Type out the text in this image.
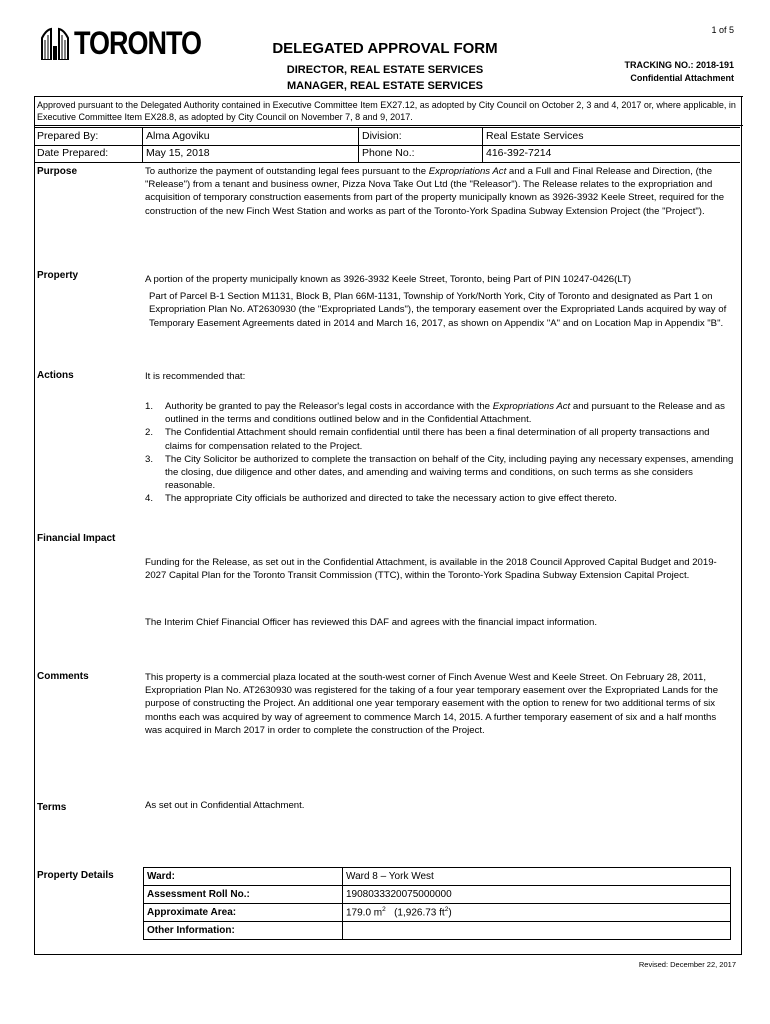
1 of 5
TORONTO	DELEGATED APPROVAL FORM
DIRECTOR, REAL ESTATE SERVICES
MANAGER, REAL ESTATE SERVICES
TRACKING NO.: 2018-191
Confidential Attachment
Approved pursuant to the Delegated Authority contained in Executive Committee Item EX27.12, as adopted by City Council on October 2, 3 and 4, 2017 or, where applicable, in Executive Committee Item EX28.8, as adopted by City Council on November 7, 8 and 9, 2017.
Prepared By:	Alma Agoviku	Division:	Real Estate Services
Date Prepared:	May 15, 2018	Phone No.:	416-392-7214
Purpose	To authorize the payment of outstanding legal fees pursuant to the Expropriations Act and a Full and Final Release and Direction, (the "Release") from a tenant and business owner, Pizza Nova Take Out Ltd (the "Releasor"). The Release relates to the expropriation and acquisition of temporary construction easements from part of the property municipally known as 3926-3932 Keele Street, required for the construction of the new Finch West Station and works as part of the Toronto-York Spadina Subway Extension Project (the "Project").
Property	A portion of the property municipally known as 3926-3932 Keele Street, Toronto, being Part of PIN 10247-0426(LT)
Part of Parcel B-1 Section M1131, Block B, Plan 66M-1131, Township of York/North York, City of Toronto and designated as Part 1 on Expropriation Plan No. AT2630930 (the "Expropriated Lands"), the temporary easement over the Expropriated Lands acquired by way of Temporary Easement Agreements dated in 2014 and March 16, 2017, as shown on Appendix "A" and on Location Map in Appendix "B".
Actions	It is recommended that:
1. Authority be granted to pay the Releasor's legal costs in accordance with the Expropriations Act and pursuant to the Release and as outlined in the terms and conditions outlined below and in the Confidential Attachment.
2. The Confidential Attachment should remain confidential until there has been a final determination of all property transactions and claims for compensation related to the Project.
3. The City Solicitor be authorized to complete the transaction on behalf of the City, including paying any necessary expenses, amending the closing, due diligence and other dates, and amending and waiving terms and conditions, on such terms as she considers reasonable.
4. The appropriate City officials be authorized and directed to take the necessary action to give effect thereto.
Financial Impact
Funding for the Release, as set out in the Confidential Attachment, is available in the 2018 Council Approved Capital Budget and 2019-2027 Capital Plan for the Toronto Transit Commission (TTC), within the Toronto-York Spadina Subway Extension Capital Project.
The Interim Chief Financial Officer has reviewed this DAF and agrees with the financial impact information.
Comments	This property is a commercial plaza located at the south-west corner of Finch Avenue West and Keele Street. On February 28, 2011, Expropriation Plan No. AT2630930 was registered for the taking of a four year temporary easement over the Expropriated Lands for the purpose of constructing the Project. An additional one year temporary easement with the option to renew for two additional terms of six months each was acquired by way of agreement to commence March 14, 2015. A further temporary easement of six and a half months was acquired in March 2017 in order to complete the construction of the Project.
Terms	As set out in Confidential Attachment.
Property Details	Ward:	Ward 8 – York West
Assessment Roll No.:	1908033320075000000
Approximate Area:	179.0 $m^2$   (1,926.73 $ft^2$)
Other Information:	
Revised: December 22, 2017
